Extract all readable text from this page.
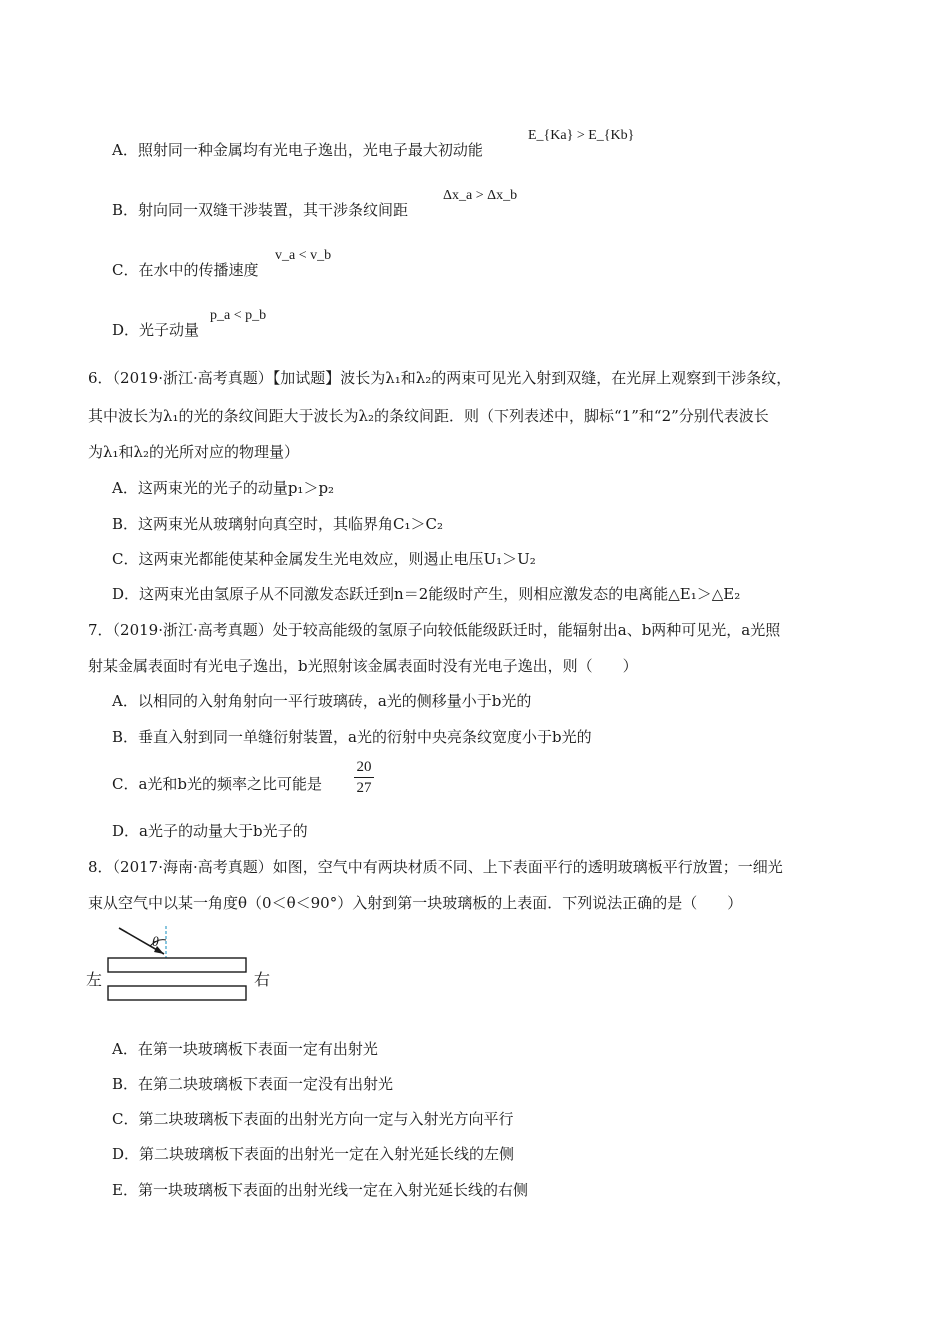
A．照射同一种金属均有光电子逸出，光电子最大初动能
E_{Ka} > E_{Kb}
B．射向同一双缝干涉装置，其干涉条纹间距
Δx_a > Δx_b
C．在水中的传播速度
v_a < v_b
D．光子动量
p_a < p_b
6．（2019·浙江·高考真题）【加试题】波长为λ₁和λ₂的两束可见光入射到双缝，在光屏上观察到干涉条纹，
其中波长为λ₁的光的条纹间距大于波长为λ₂的条纹间距．则（下列表述中，脚标“1”和“2”分别代表波长
为λ₁和λ₂的光所对应的物理量）
A．这两束光的光子的动量p₁＞p₂
B．这两束光从玻璃射向真空时，其临界角C₁＞C₂
C．这两束光都能使某种金属发生光电效应，则遏止电压U₁＞U₂
D．这两束光由氢原子从不同激发态跃迁到n＝2能级时产生，则相应激发态的电离能△E₁＞△E₂
7．（2019·浙江·高考真题）处于较高能级的氢原子向较低能级跃迁时，能辐射出a、b两种可见光，a光照
射某金属表面时有光电子逸出，b光照射该金属表面时没有光电子逸出，则（　　）
A．以相同的入射角射向一平行玻璃砖，a光的侧移量小于b光的
B．垂直入射到同一单缝衍射装置，a光的衍射中央亮条纹宽度小于b光的
C．a光和b光的频率之比可能是
20
27
D．a光子的动量大于b光子的
8．（2017·海南·高考真题）如图，空气中有两块材质不同、上下表面平行的透明玻璃板平行放置；一细光
束从空气中以某一角度θ（0＜θ＜90°）入射到第一块玻璃板的上表面．下列说法正确的是（　　）
θ
左	右
A．在第一块玻璃板下表面一定有出射光
B．在第二块玻璃板下表面一定没有出射光
C．第二块玻璃板下表面的出射光方向一定与入射光方向平行
D．第二块玻璃板下表面的出射光一定在入射光延长线的左侧
E．第一块玻璃板下表面的出射光线一定在入射光延长线的右侧
